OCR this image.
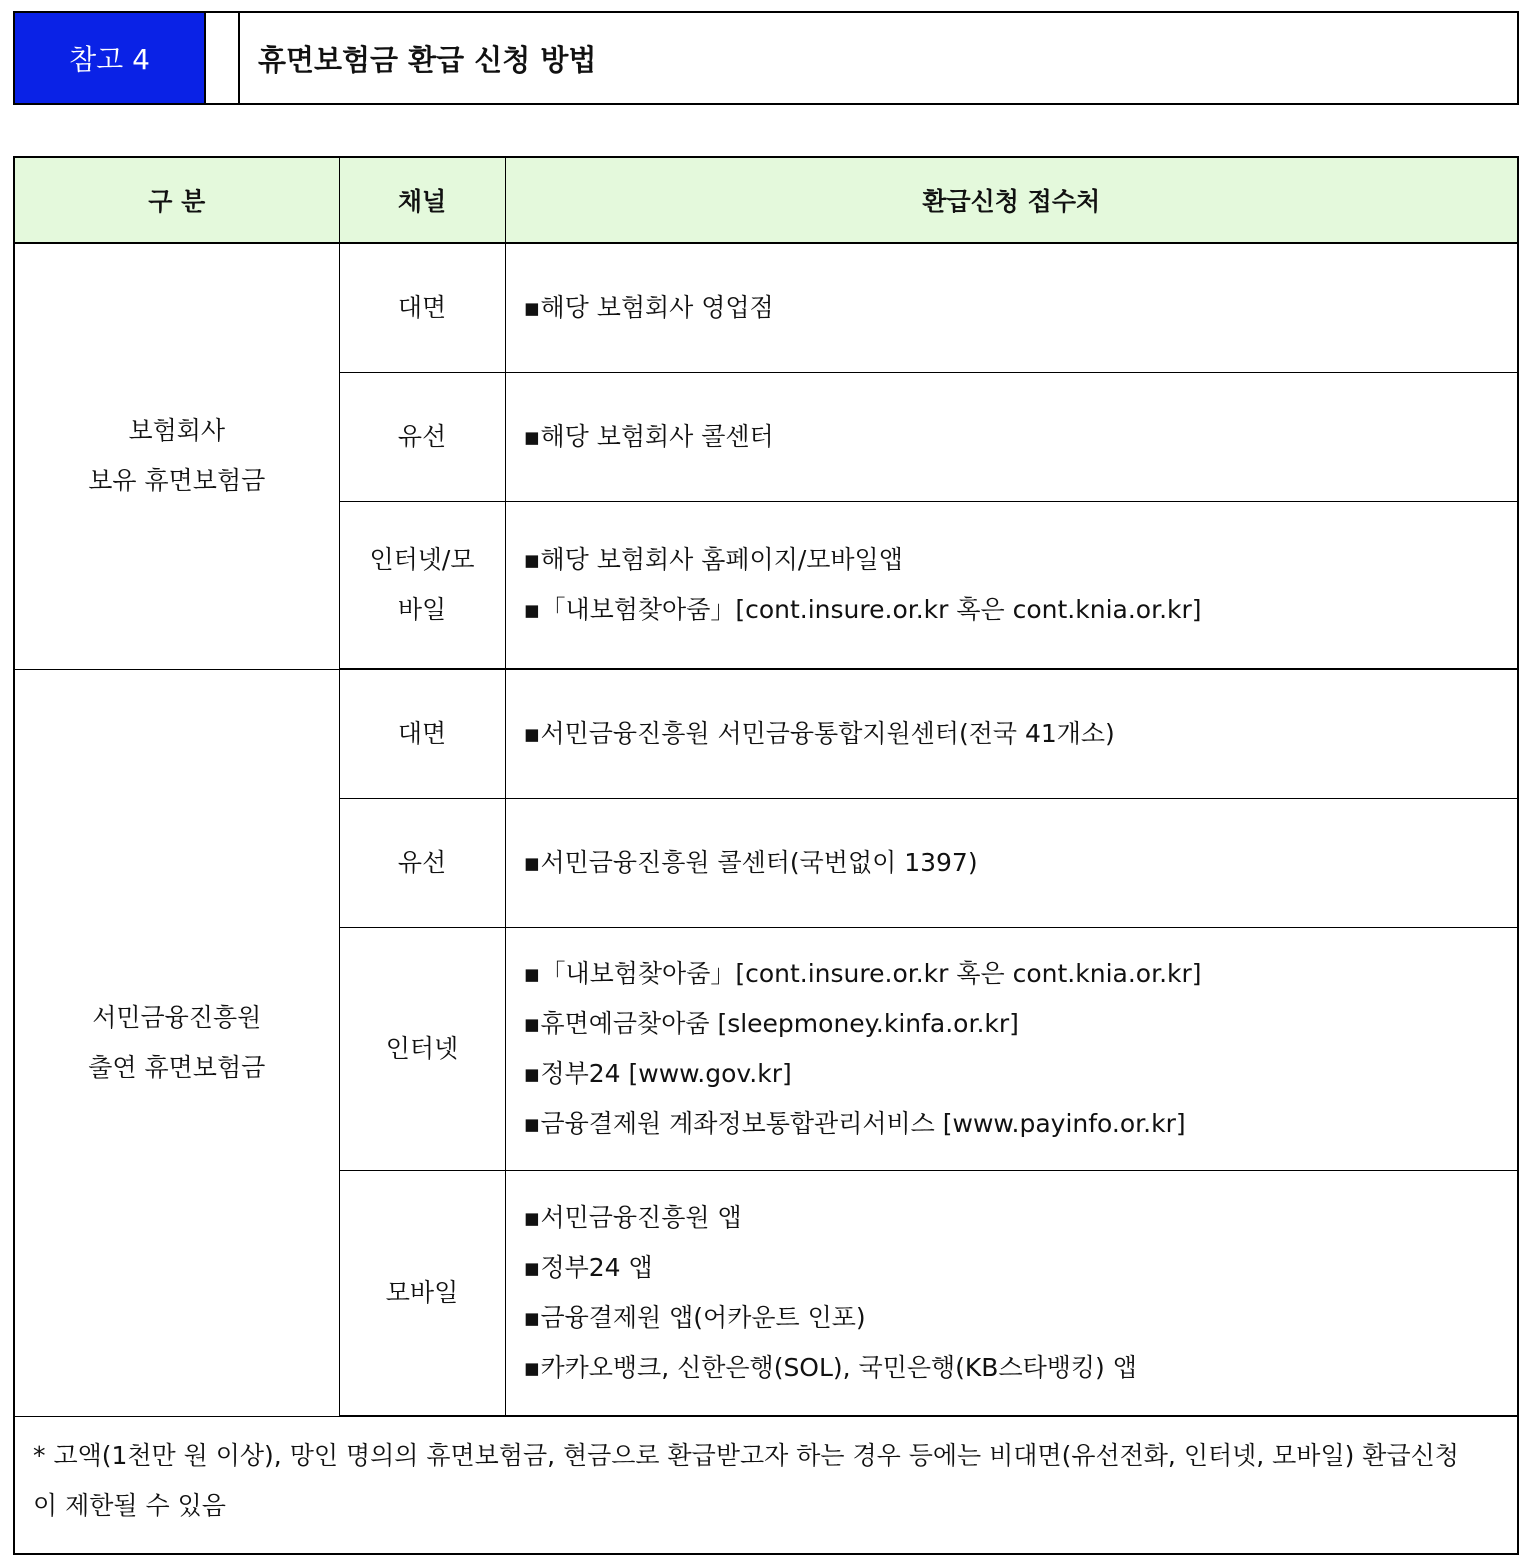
참고 4	휴면보험금 환급 신청 방법
구 분	채널	환급신청 접수처

보험회사
보유 휴면보험금	대면	▪해당 보험회사 영업점

	유선	▪해당 보험회사 콜센터

	인터넷/모
바일	▪해당 보험회사 홈페이지/모바일앱
▪「내보험찾아줌」[cont.insure.or.kr 혹은 cont.knia.or.kr]

서민금융진흥원
출연 휴면보험금	대면	▪서민금융진흥원 서민금융통합지원센터(전국 41개소)

	유선	▪서민금융진흥원 콜센터(국번없이 1397)

	인터넷	▪「내보험찾아줌」[cont.insure.or.kr 혹은 cont.knia.or.kr]
▪휴면예금찾아줌 [sleepmoney.kinfa.or.kr]
▪정부24 [www.gov.kr]
▪금융결제원 계좌정보통합관리서비스 [www.payinfo.or.kr]

	모바일	▪서민금융진흥원 앱
▪정부24 앱
▪금융결제원 앱(어카운트 인포)
▪카카오뱅크, 신한은행(SOL), 국민은행(KB스타뱅킹) 앱

* 고액(1천만 원 이상), 망인 명의의 휴면보험금, 현금으로 환급받고자 하는 경우 등에는 비대면(유선전화, 인터넷, 모바일) 환급신청
이 제한될 수 있음		
